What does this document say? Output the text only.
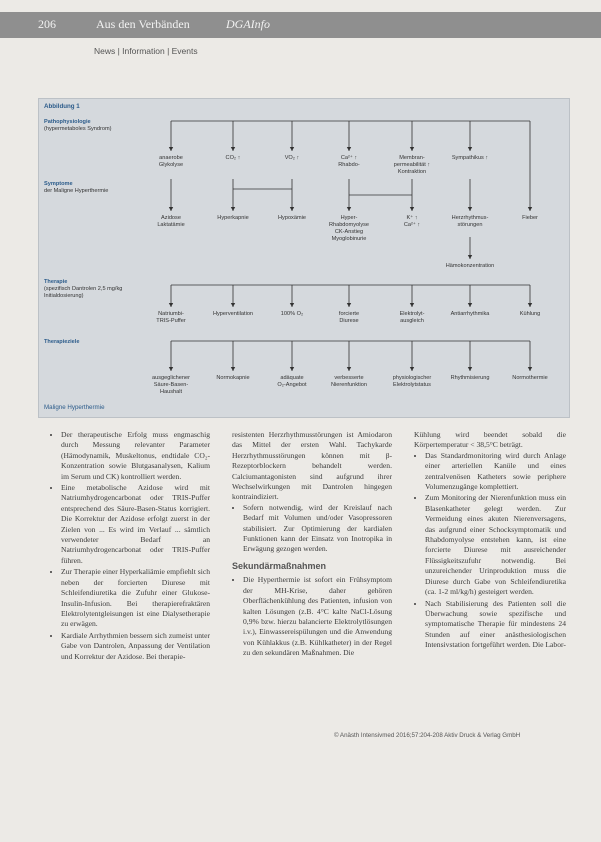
206	Aus den Verbänden	DGAInfo
News | Information | Events
Abbildung 1
Pathophysiologie
(hypermetaboles Syndrom)
Symptome
der Maligne Hyperthermie
Therapie
(spezifisch Dantrolen 2,5 mg/kg
Initialdosierung)
Therapieziele
anaerobe
Glykolyse
CO₂ ↑	VO₂ ↑	Ca²⁺ ↑
Rhabdo-
Membran-
permeabilität ↑
Kontraktion
Sympathikus ↑
Azidose
Laktatämie
Hyperkapnie	Hypoxämie	Hyper-
Rhabdomyolyse
CK-Anstieg
Myoglobinurie
K⁺ ↑
Ca²⁺ ↑
Herzrhythmus-
störungen
Fieber
Hämokonzentration
Natriumbi-
TRIS-Puffer
Hyperventilation	100% O₂	forcierte
Diurese
Elektrolyt-
ausgleich
Antiarrhythmika	Kühlung
ausgeglichener
Säure-Basen-
Haushalt
Normokapnie	adäquate
O₂-Angebot
verbesserte
Nierenfunktion
physiologischer
Elektrolytstatus
Rhythmisierung	Normothermie
Maligne Hyperthermie
• Der therapeutische Erfolg muss engmaschig durch Messung relevanter Parameter (Hämodynamik, Muskeltonus, endtidale CO₂-Konzentration sowie Blutgasanalysen, Kalium im Serum und CK) kontrolliert werden.
• Eine metabolische Azidose wird mit Natriumhydrogencarbonat oder TRIS-Puffer entsprechend des Säure-Basen-Status korrigiert. Die Korrektur der Azidose erfolgt zuerst in der Zielen von ... Es wird im Verlauf ... sämtlich verwendeter Bedarf an Natriumhydrogencarbonat oder TRIS-Puffer führen.
• Zur Therapie einer Hyperkaliämie empfiehlt sich neben der forcierten Diurese mit Schleifendiuretika die Zufuhr einer Glukose-Insulin-Infusion. Bei therapierefraktären Elektrolytentgleisungen ist eine Dialysetherapie zu erwägen.
• Kardiale Arrhythmien bessern sich zumeist unter Gabe von Dantrolen, Anpassung der Ventilation und Korrektur der Azidose. Bei therapie-

resistenten Herzrhythmusstörungen ist Amiodaron das Mittel der ersten Wahl. Tachykarde Herzrhythmusstörungen können mit β-Rezeptorblockern behandelt werden. Calciumantagonisten sind aufgrund ihrer Wechselwirkungen mit Dantrolen hingegen kontraindiziert.

• Sofern notwendig, wird der Kreislauf nach Bedarf mit Volumen und/oder Vasopressoren stabilisiert. Zur Optimierung der kardialen Funktionen kann der Einsatz von Inotropika in Erwägung gezogen werden.
Sekundärmaßnahmen
• Die Hyperthermie ist sofort ein Frühsymptom der MH-Krise, daher gehören Oberflächenkühlung des Patienten, infusion von kalten Lösungen (z.B. 4°C kalte NaCl-Lösung 0,9% bzw. hierzu balancierte Elektrolytlösungen i.v.), Einwassereispülungen und die Anwendung von Kühlakkus (z.B. Kühlkatheter) in der Regel zu den sekundären Maßnahmen. Die

Kühlung wird beendet sobald die Körpertemperatur < 38,5°C beträgt.

• Das Standardmonitoring wird durch Anlage einer arteriellen Kanüle und eines zentralvenösen Katheters sowie periphere Volumenzugänge komplettiert.
• Zum Monitoring der Nierenfunktion muss ein Blasenkatheter gelegt werden. Zur Vermeidung eines akuten Nierenversagens, das aufgrund einer Schocksymptomatik und Rhabdomyolyse entstehen kann, ist eine forcierte Diurese mit ausreichender Flüssigkeitszufuhr notwendig. Bei unzureichender Urinproduktion muss die Diurese durch Gabe von Schleifendiuretika (ca. 1-2 ml/kg/h) gesteigert werden.
• Nach Stabilisierung des Patienten soll die Überwachung sowie spezifische und symptomatische Therapie für mindestens 24 Stunden auf einer anästhesiologischen Intensivstation fortgeführt werden. Die Labor-
© Anästh Intensivmed 2016;57:204-208 Aktiv Druck & Verlag GmbH
